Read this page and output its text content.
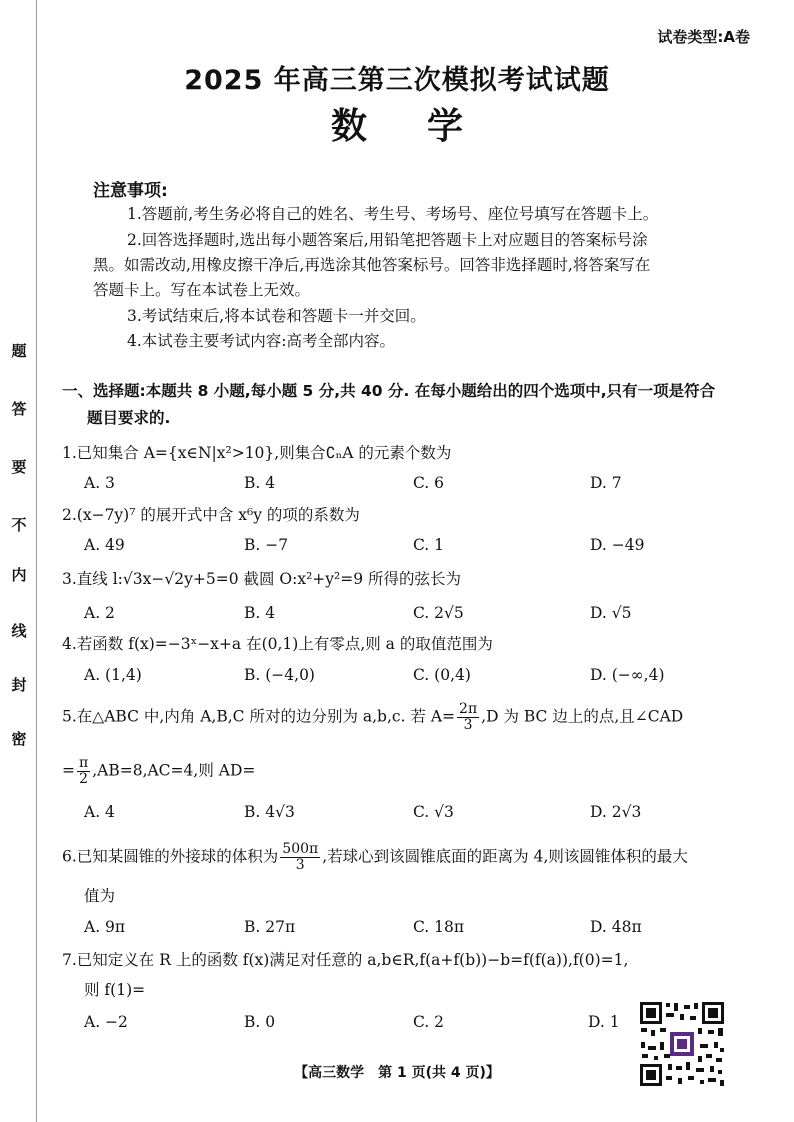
题
答
要
不
内
线
封
密
试卷类型:A卷
2025 年高三第三次模拟考试试题
数学
注意事项:
1.答题前,考生务必将自己的姓名、考生号、考场号、座位号填写在答题卡上。
2.回答选择题时,选出每小题答案后,用铅笔把答题卡上对应题目的答案标号涂
黑。如需改动,用橡皮擦干净后,再选涂其他答案标号。回答非选择题时,将答案写在
答题卡上。写在本试卷上无效。
3.考试结束后,将本试卷和答题卡一并交回。
4.本试卷主要考试内容:高考全部内容。
一、选择题:本题共 8 小题,每小题 5 分,共 40 分. 在每小题给出的四个选项中,只有一项是符合
题目要求的.
1.已知集合 A={x∈N|x²>10},则集合∁ₙA 的元素个数为
A. 3	B. 4	C. 6	D. 7
2.(x−7y)⁷ 的展开式中含 x⁶y 的项的系数为
A. 49	B. −7	C. 1	D. −49
3.直线 l:√3x−√2y+5=0 截圆 O:x²+y²=9 所得的弦长为
A. 2	B. 4	C. 2√5	D. √5
4.若函数 f(x)=−3ˣ−x+a 在(0,1)上有零点,则 a 的取值范围为
A. (1,4)	B. (−4,0)	C. (0,4)	D. (−∞,4)
5.在△ABC 中,内角 A,B,C 所对的边分别为 a,b,c. 若 $A= \frac{2\pi}{3} ,D$ 为 BC 边上的点,且∠CAD
= $\frac{\pi}{2} ,AB=8,AC=4$,则 AD=
A. 4	B. 4√3	C. √3	D. 2√3
6.已知某圆锥的外接球的体积为 $\frac{500\pi}{3}$ ,若球心到该圆锥底面的距离为 4,则该圆锥体积的最大
值为
A. 9π	B. 27π	C. 18π	D. 48π
7.已知定义在 R 上的函数 f(x)满足对任意的 a,b∈R,f(a+f(b))−b=f(f(a)),f(0)=1,
则 f(1)=
A. −2	B. 0	C. 2	D. 1
【高三数学　第 1 页(共 4 页)】
